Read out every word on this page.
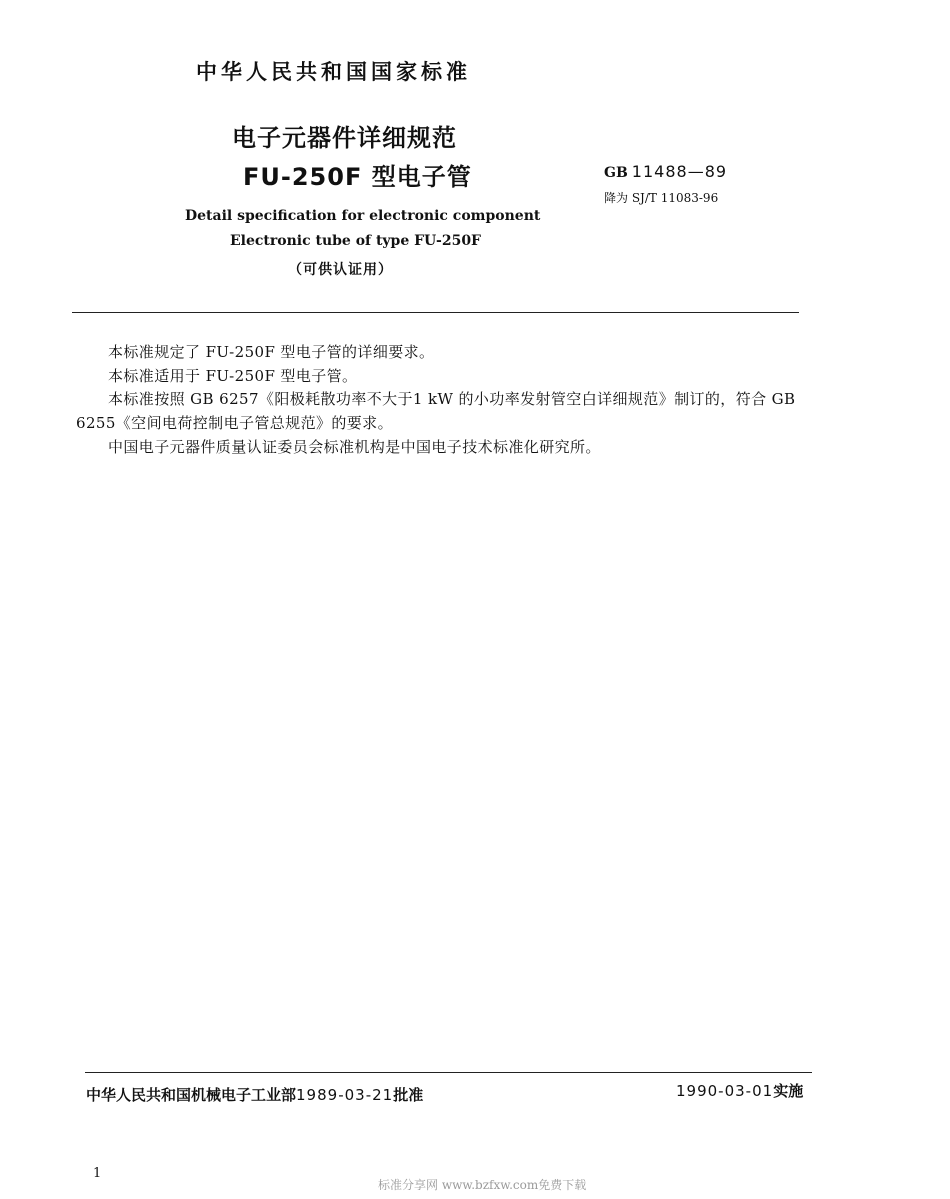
中华人民共和国国家标准
电子元器件详细规范
FU-250F 型电子管	GB 11488—89
降为 SJ/T 11083-96
Detail specification for electronic component
Electronic tube of type FU-250F
（可供认证用）
本标准规定了 FU-250F 型电子管的详细要求。
本标准适用于 FU-250F 型电子管。
本标准按照 GB 6257《阳极耗散功率不大于1 kW 的小功率发射管空白详细规范》制订的，符合 GB
6255《空间电荷控制电子管总规范》的要求。
中国电子元器件质量认证委员会标准机构是中国电子技术标准化研究所。
中华人民共和国机械电子工业部1989-03-21批准	1990-03-01实施
1
标准分享网 www.bzfxw.com免费下载
